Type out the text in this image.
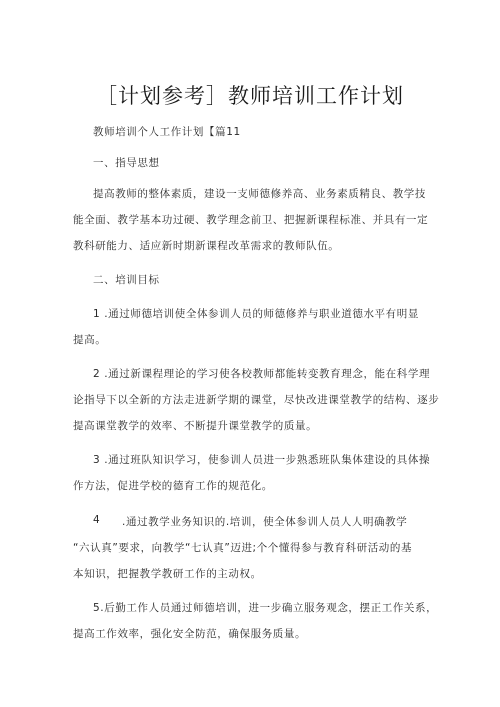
［计划参考］教师培训工作计划
教师培训个人工作计划【篇11
一、指导思想
提高教师的整体素质，建设一支师德修养高、业务素质精良、教学技
能全面、教学基本功过硬、教学理念前卫、把握新课程标准、并具有一定
教科研能力、适应新时期新课程改革需求的教师队伍。
二、培训目标
1 .通过师德培训使全体参训人员的师德修养与职业道德水平有明显
提高。
2 .通过新课程理论的学习使各校教师都能转变教育理念，能在科学理
论指导下以全新的方法走进新学期的课堂，尽快改进课堂教学的结构、逐步
提高课堂教学的效率、不断提升课堂教学的质量。
3 .通过班队知识学习，使参训人员进一步熟悉班队集体建设的具体操
作方法，促进学校的德育工作的规范化。
4	.通过教学业务知识的.培训，使全体参训人员人人明确教学
“六认真”要求，向教学“七认真”迈进;个个懂得参与教育科研活动的基
本知识，把握教学教研工作的主动权。
5.后勤工作人员通过师德培训，进一步确立服务观念，摆正工作关系，
提高工作效率，强化安全防范，确保服务质量。
